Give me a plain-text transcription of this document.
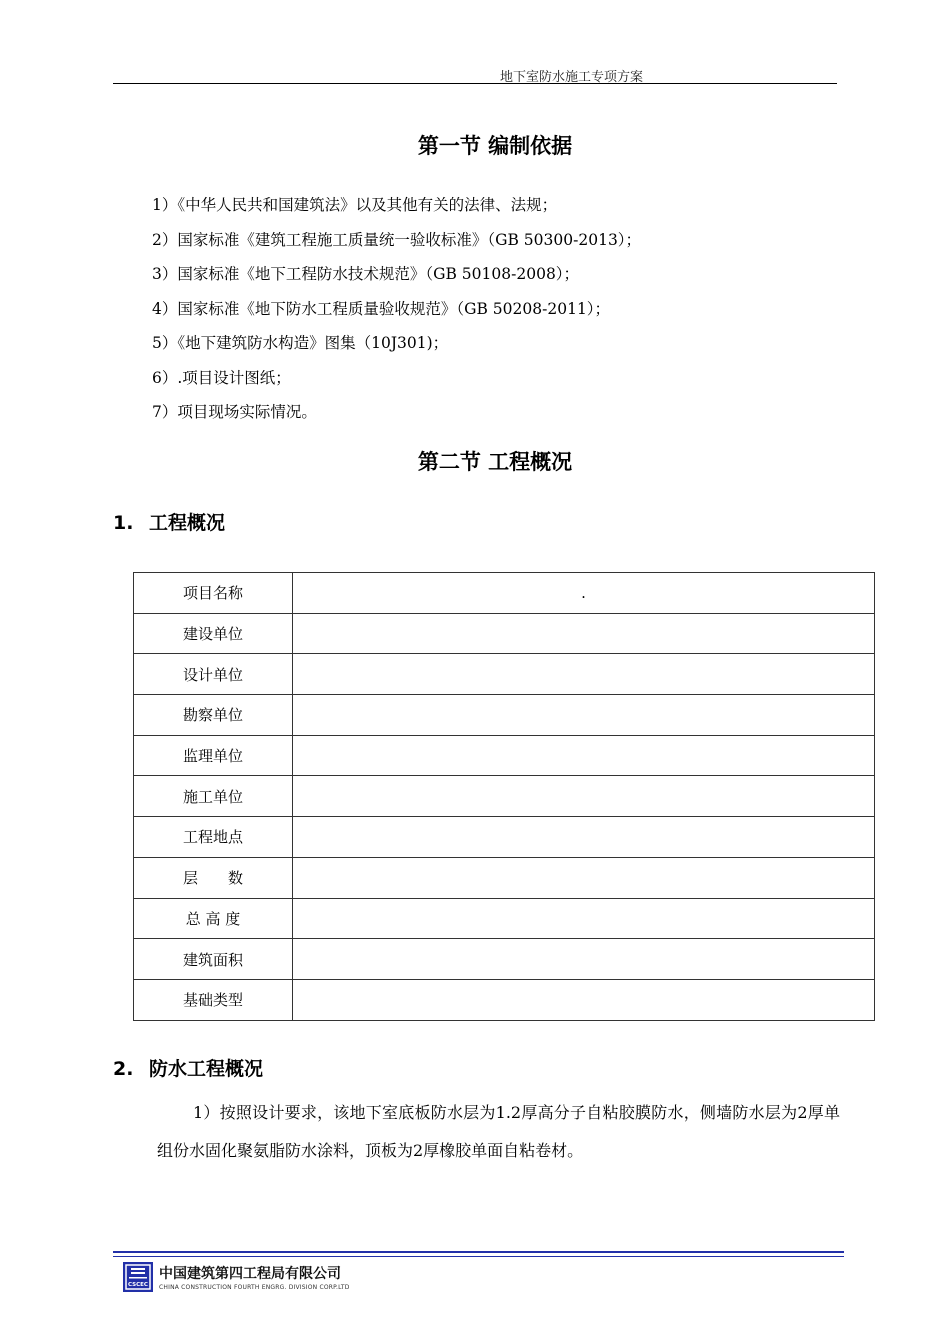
地下室防水施工专项方案
第一节 编制依据
1）《中华人民共和国建筑法》以及其他有关的法律、法规；
2）国家标准《建筑工程施工质量统一验收标准》（GB 50300-2013）；
3）国家标准《地下工程防水技术规范》（GB 50108-2008）；
4）国家标准《地下防水工程质量验收规范》（GB 50208-2011）；
5）《地下建筑防水构造》图集（10J301)；
6）.项目设计图纸；
7）项目现场实际情况。
第二节 工程概况
1. 工程概况
项目名称	.
建设单位	
设计单位	
勘察单位	
监理单位	
施工单位	
工程地点	
层　　数	
总 高 度	
建筑面积	
基础类型	
2. 防水工程概况
1）按照设计要求，该地下室底板防水层为1.2厚高分子自粘胶膜防水，侧墙防水层为2厚单组份水固化聚氨脂防水涂料，顶板为2厚橡胶单面自粘卷材。
CSCEC
中国建筑第四工程局有限公司
CHINA CONSTRUCTION FOURTH ENGRG. DIVISION CORP.LTD
